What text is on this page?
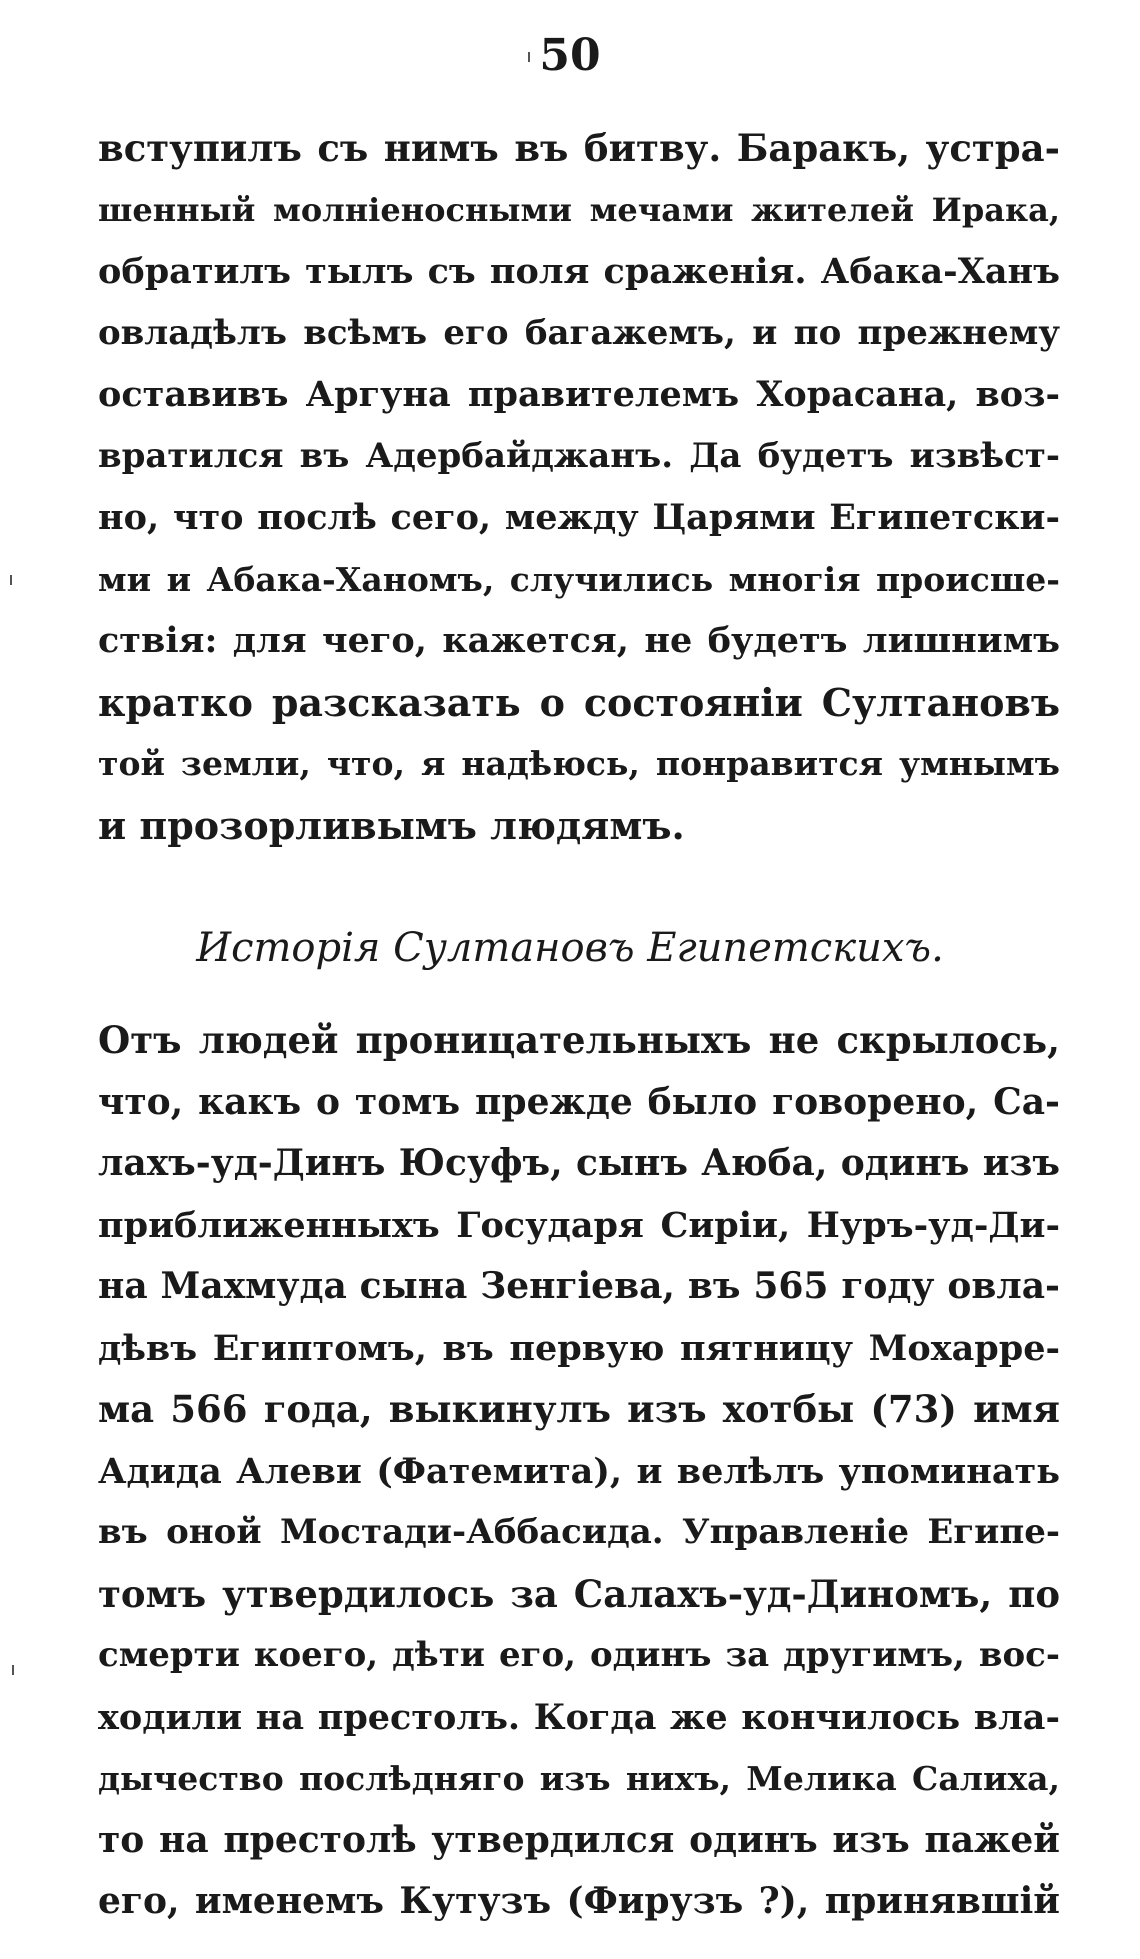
50
вступилъ съ нимъ въ битву. Баракъ, устра-
шенный молніеносными мечами жителей Ирака,
обратилъ тылъ съ поля сраженія. Абака-Ханъ
овладѣлъ всѣмъ его багажемъ, и по прежнему
оставивъ Аргуна правителемъ Хорасана, воз-
вратился въ Адербайджанъ. Да будетъ извѣст-
но, что послѣ сего, между Царями Египетски-
ми и Абака-Ханомъ, случились многія происше-
ствія: для чего, кажется, не будетъ лишнимъ
кратко разсказать о состояніи Султановъ
той земли, что, я надѣюсь, понравится умнымъ
и прозорливымъ людямъ.
Исторія Султановъ Египетскихъ.
Отъ людей проницательныхъ не скрылось,
что, какъ о томъ прежде было говорено, Са-
лахъ-уд-Динъ Юсуфъ, сынъ Аюба, одинъ изъ
приближенныхъ Государя Сиріи, Нуръ-уд-Ди-
на Махмуда сына Зенгіева, въ 565 году овла-
дѣвъ Египтомъ, въ первую пятницу Мохарре-
ма 566 года, выкинулъ изъ хотбы (73) имя
Адида Алеви (Фатемита), и велѣлъ упоминать
въ оной Мостади-Аббасида. Управленіе Египе-
томъ утвердилось за Салахъ-уд-Диномъ, по
смерти коего, дѣти его, одинъ за другимъ, вос-
ходили на престолъ. Когда же кончилось вла-
дычество послѣдняго изъ нихъ, Мелика Салиха,
то на престолѣ утвердился одинъ изъ пажей
его, именемъ Кутузъ (Фирузъ ?), принявшій
